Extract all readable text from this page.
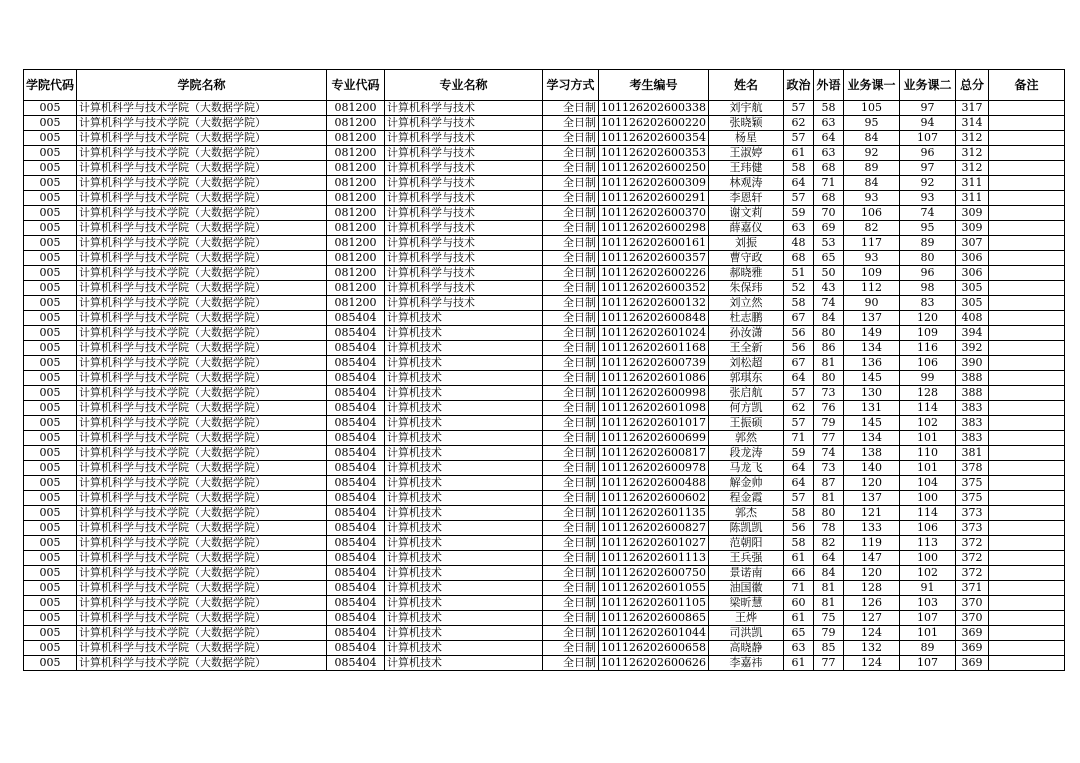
学院代码	学院名称	专业代码	专业名称	学习方式	考生编号	姓名	政治	外语	业务课一	业务课二	总分	备注
005	计算机科学与技术学院（大数据学院）	081200	计算机科学与技术	全日制	101126202600338	刘宇航	57	58	105	97	317	
005	计算机科学与技术学院（大数据学院）	081200	计算机科学与技术	全日制	101126202600220	张晓颖	62	63	95	94	314	
005	计算机科学与技术学院（大数据学院）	081200	计算机科学与技术	全日制	101126202600354	杨星	57	64	84	107	312	
005	计算机科学与技术学院（大数据学院）	081200	计算机科学与技术	全日制	101126202600353	王淑婷	61	63	92	96	312	
005	计算机科学与技术学院（大数据学院）	081200	计算机科学与技术	全日制	101126202600250	王玮健	58	68	89	97	312	
005	计算机科学与技术学院（大数据学院）	081200	计算机科学与技术	全日制	101126202600309	林观涛	64	71	84	92	311	
005	计算机科学与技术学院（大数据学院）	081200	计算机科学与技术	全日制	101126202600291	李恩轩	57	68	93	93	311	
005	计算机科学与技术学院（大数据学院）	081200	计算机科学与技术	全日制	101126202600370	谢文莉	59	70	106	74	309	
005	计算机科学与技术学院（大数据学院）	081200	计算机科学与技术	全日制	101126202600298	薛嘉仪	63	69	82	95	309	
005	计算机科学与技术学院（大数据学院）	081200	计算机科学与技术	全日制	101126202600161	刘振	48	53	117	89	307	
005	计算机科学与技术学院（大数据学院）	081200	计算机科学与技术	全日制	101126202600357	曹守政	68	65	93	80	306	
005	计算机科学与技术学院（大数据学院）	081200	计算机科学与技术	全日制	101126202600226	郝晓雅	51	50	109	96	306	
005	计算机科学与技术学院（大数据学院）	081200	计算机科学与技术	全日制	101126202600352	朱保玮	52	43	112	98	305	
005	计算机科学与技术学院（大数据学院）	081200	计算机科学与技术	全日制	101126202600132	刘立然	58	74	90	83	305	
005	计算机科学与技术学院（大数据学院）	085404	计算机技术	全日制	101126202600848	杜志鹏	67	84	137	120	408	
005	计算机科学与技术学院（大数据学院）	085404	计算机技术	全日制	101126202601024	孙汝潇	56	80	149	109	394	
005	计算机科学与技术学院（大数据学院）	085404	计算机技术	全日制	101126202601168	王全新	56	86	134	116	392	
005	计算机科学与技术学院（大数据学院）	085404	计算机技术	全日制	101126202600739	刘松超	67	81	136	106	390	
005	计算机科学与技术学院（大数据学院）	085404	计算机技术	全日制	101126202601086	郭琪东	64	80	145	99	388	
005	计算机科学与技术学院（大数据学院）	085404	计算机技术	全日制	101126202600998	张启航	57	73	130	128	388	
005	计算机科学与技术学院（大数据学院）	085404	计算机技术	全日制	101126202601098	何方凯	62	76	131	114	383	
005	计算机科学与技术学院（大数据学院）	085404	计算机技术	全日制	101126202601017	王振硕	57	79	145	102	383	
005	计算机科学与技术学院（大数据学院）	085404	计算机技术	全日制	101126202600699	郭然	71	77	134	101	383	
005	计算机科学与技术学院（大数据学院）	085404	计算机技术	全日制	101126202600817	段龙涛	59	74	138	110	381	
005	计算机科学与技术学院（大数据学院）	085404	计算机技术	全日制	101126202600978	马龙飞	64	73	140	101	378	
005	计算机科学与技术学院（大数据学院）	085404	计算机技术	全日制	101126202600488	解金帅	64	87	120	104	375	
005	计算机科学与技术学院（大数据学院）	085404	计算机技术	全日制	101126202600602	程金霞	57	81	137	100	375	
005	计算机科学与技术学院（大数据学院）	085404	计算机技术	全日制	101126202601135	郭杰	58	80	121	114	373	
005	计算机科学与技术学院（大数据学院）	085404	计算机技术	全日制	101126202600827	陈凯凯	56	78	133	106	373	
005	计算机科学与技术学院（大数据学院）	085404	计算机技术	全日制	101126202601027	范朝阳	58	82	119	113	372	
005	计算机科学与技术学院（大数据学院）	085404	计算机技术	全日制	101126202601113	王兵强	61	64	147	100	372	
005	计算机科学与技术学院（大数据学院）	085404	计算机技术	全日制	101126202600750	景诺南	66	84	120	102	372	
005	计算机科学与技术学院（大数据学院）	085404	计算机技术	全日制	101126202601055	油国徽	71	81	128	91	371	
005	计算机科学与技术学院（大数据学院）	085404	计算机技术	全日制	101126202601105	梁昕慧	60	81	126	103	370	
005	计算机科学与技术学院（大数据学院）	085404	计算机技术	全日制	101126202600865	王烨	61	75	127	107	370	
005	计算机科学与技术学院（大数据学院）	085404	计算机技术	全日制	101126202601044	司洪凯	65	79	124	101	369	
005	计算机科学与技术学院（大数据学院）	085404	计算机技术	全日制	101126202600658	高晓静	63	85	132	89	369	
005	计算机科学与技术学院（大数据学院）	085404	计算机技术	全日制	101126202600626	李嘉祎	61	77	124	107	369	
